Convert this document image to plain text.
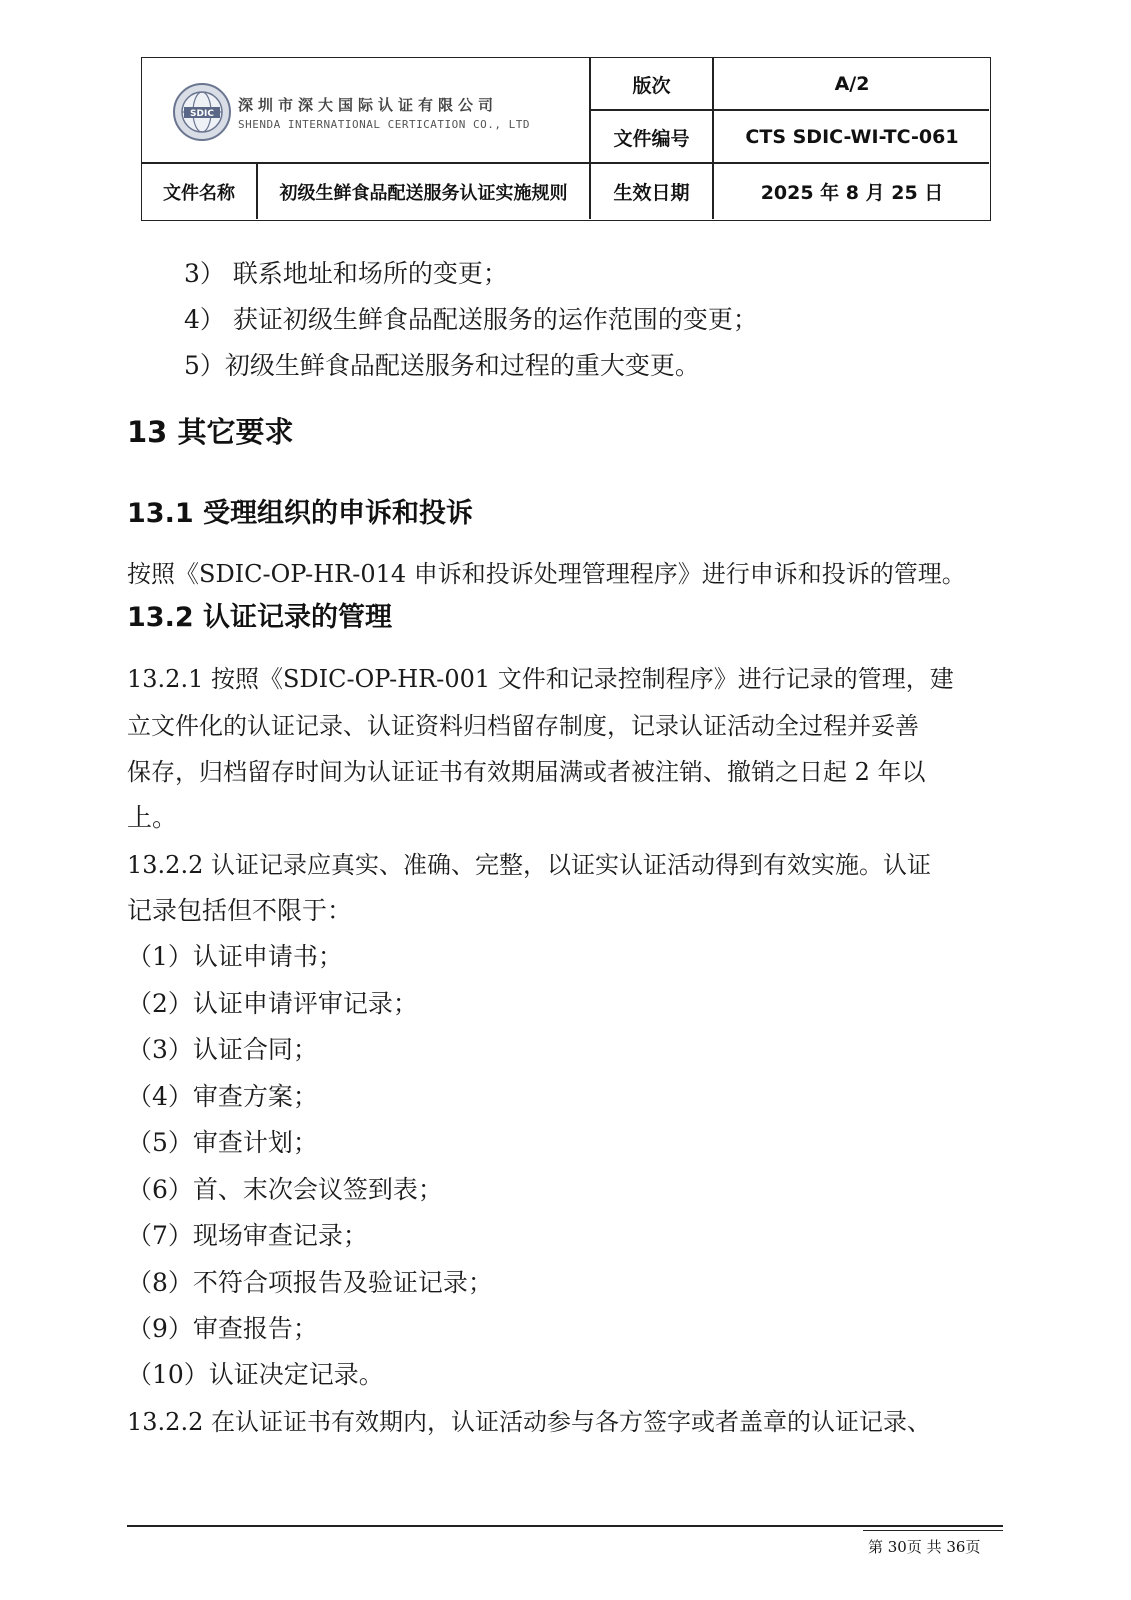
SDIC 深圳市深大国际认证有限公司
SHENDA INTERNATIONAL CERTICATION CO., LTD
版次	A/2
文件编号	CTS SDIC-WI-TC-061
文件名称	初级生鲜食品配送服务认证实施规则	生效日期	2025 年 8 月 25 日
3） 联系地址和场所的变更；
4） 获证初级生鲜食品配送服务的运作范围的变更；
5）初级生鲜食品配送服务和过程的重大变更。
13 其它要求
13.1 受理组织的申诉和投诉
按照《SDIC-OP-HR-014 申诉和投诉处理管理程序》进行申诉和投诉的管理。
13.2 认证记录的管理
13.2.1 按照《SDIC-OP-HR-001 文件和记录控制程序》进行记录的管理，建
立文件化的认证记录、认证资料归档留存制度，记录认证活动全过程并妥善
保存，归档留存时间为认证证书有效期届满或者被注销、撤销之日起 2 年以
上。
13.2.2 认证记录应真实、准确、完整，以证实认证活动得到有效实施。认证
记录包括但不限于：
（1）认证申请书；
（2）认证申请评审记录；
（3）认证合同；
（4）审查方案；
（5）审查计划；
（6）首、末次会议签到表；
（7）现场审查记录；
（8）不符合项报告及验证记录；
（9）审查报告；
（10）认证决定记录。
13.2.2 在认证证书有效期内，认证活动参与各方签字或者盖章的认证记录、
第 30页 共 36页
